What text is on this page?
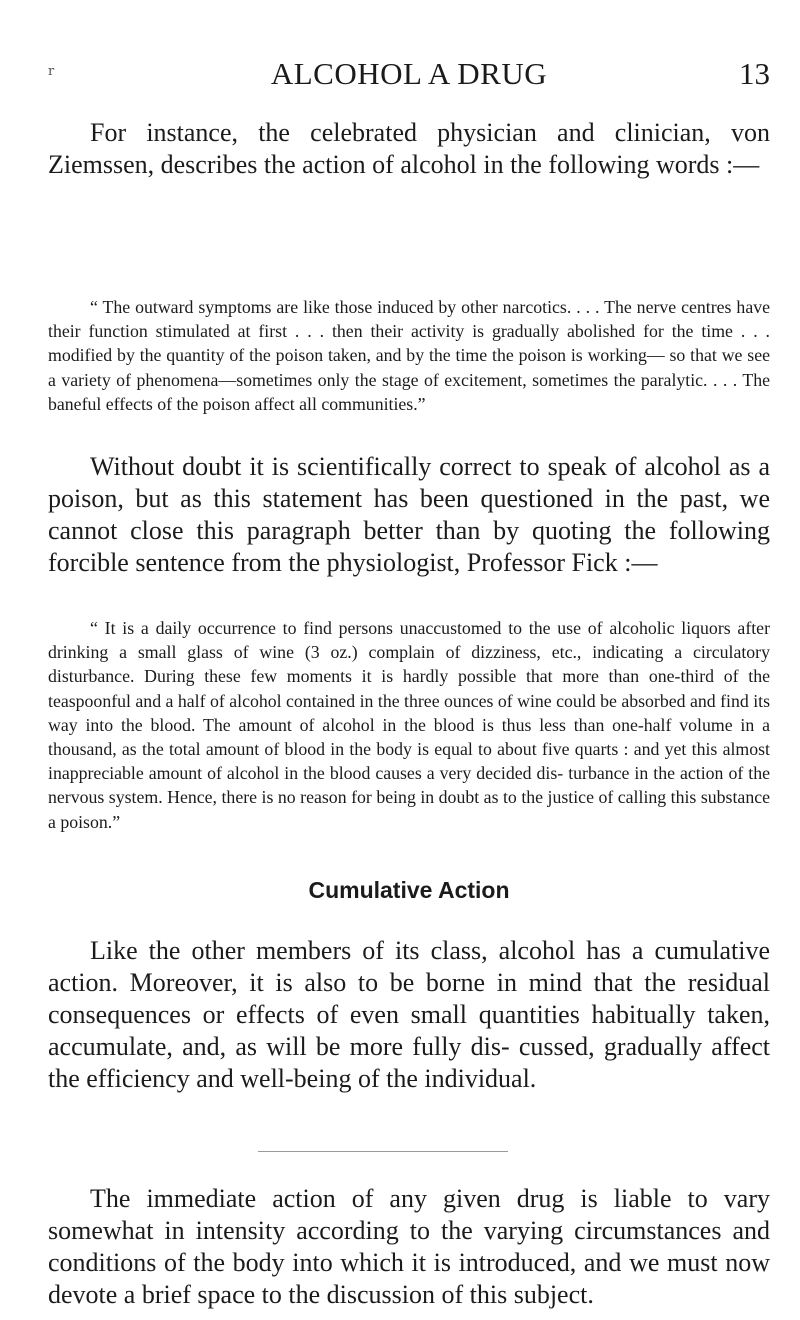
r	ALCOHOL A DRUG	13

For instance, the celebrated physician and clinician, von Ziemssen, describes the action of alcohol in the following words :—

“ The outward symptoms are like those induced by other narcotics. . . . The nerve centres have their function stimulated at first . . . then their activity is gradually abolished for the time . . . modified by the quantity of the poison taken, and by the time the poison is working— so that we see a variety of phenomena—sometimes only the stage of excitement, sometimes the paralytic. . . . The baneful effects of the poison affect all communities.”

Without doubt it is scientifically correct to speak of alcohol as a poison, but as this statement has been questioned in the past, we cannot close this paragraph better than by quoting the following forcible sentence from the physiologist, Professor Fick :—

“ It is a daily occurrence to find persons unaccustomed to the use of alcoholic liquors after drinking a small glass of wine (3 oz.) complain of dizziness, etc., indicating a circulatory disturbance. During these few moments it is hardly possible that more than one-third of the teaspoonful and a half of alcohol contained in the three ounces of wine could be absorbed and find its way into the blood. The amount of alcohol in the blood is thus less than one-half volume in a thousand, as the total amount of blood in the body is equal to about five quarts : and yet this almost inappreciable amount of alcohol in the blood causes a very decided dis- turbance in the action of the nervous system. Hence, there is no reason for being in doubt as to the justice of calling this substance a poison.”

Cumulative Action

Like the other members of its class, alcohol has a cumulative action. Moreover, it is also to be borne in mind that the residual consequences or effects of even small quantities habitually taken, accumulate, and, as will be more fully dis- cussed, gradually affect the efficiency and well-being of the individual.

The immediate action of any given drug is liable to vary somewhat in intensity according to the varying circumstances and conditions of the body into which it is introduced, and we must now devote a brief space to the discussion of this subject.
